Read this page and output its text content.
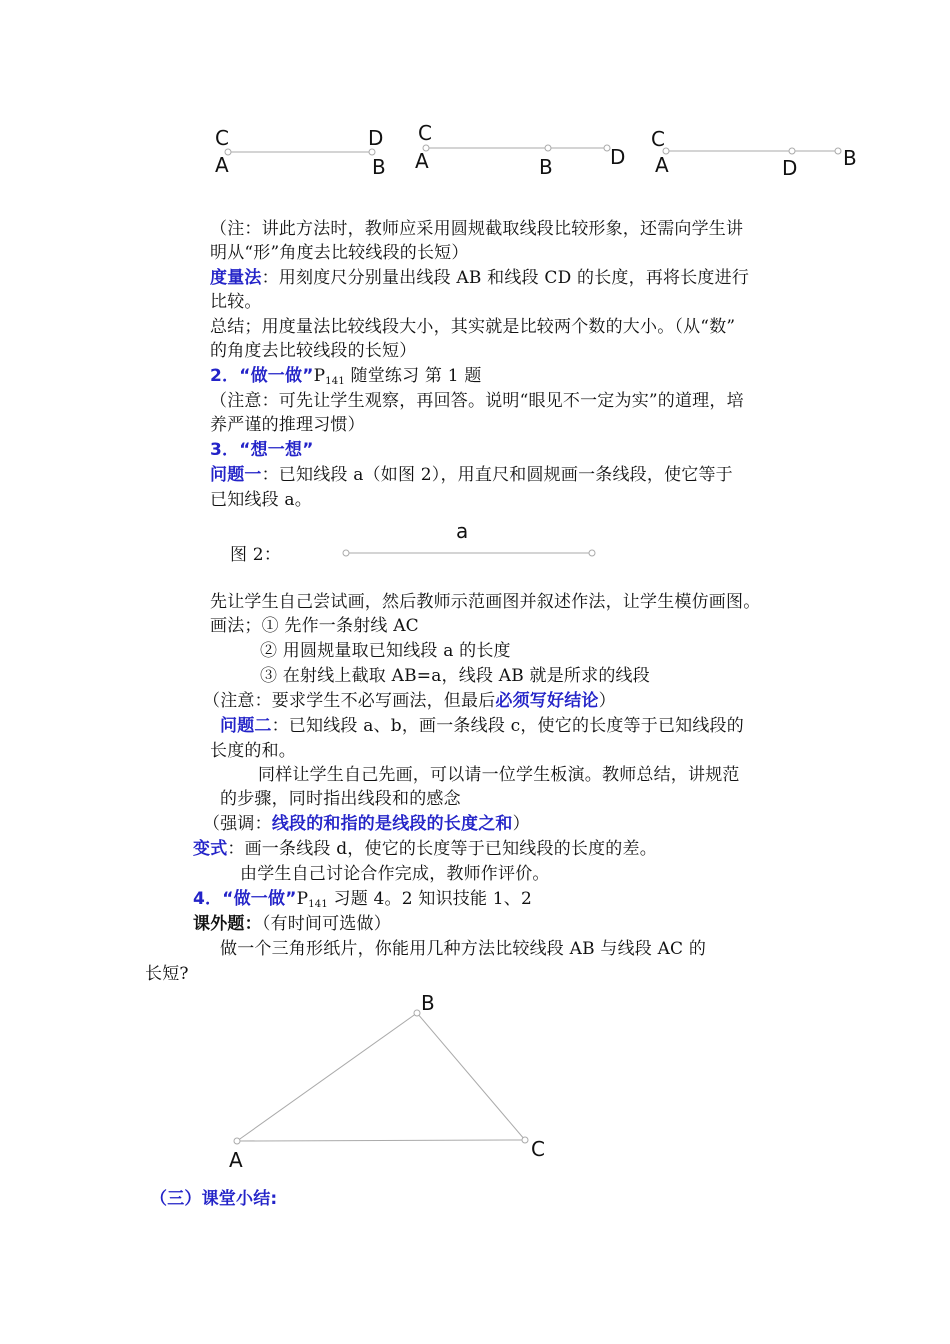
C	D
A	B
C
A	B	D
C
A	D B
（注：讲此方法时，教师应采用圆规截取线段比较形象，还需向学生讲
明从“形”角度去比较线段的长短）
度量法：用刻度尺分别量出线段 AB 和线段 CD 的长度，再将长度进行
比较。
总结；用度量法比较线段大小，其实就是比较两个数的大小。（从“数”
的角度去比较线段的长短）
2．“做一做$”P_{141}$ 随堂练习 第 1 题
（注意：可先让学生观察，再回答。说明“眼见不一定为实”的道理，培
养严谨的推理习惯）
3．“想一想”
问题一：已知线段 a（如图 2），用直尺和圆规画一条线段，使它等于
已知线段 a。
图 2：
a
先让学生自己尝试画，然后教师示范画图并叙述作法，让学生模仿画图。
画法；① 先作一条射线 AC
② 用圆规量取已知线段 a 的长度
③ 在射线上截取 AB=a，线段 AB 就是所求的线段
（注意：要求学生不必写画法，但最后必须写好结论）
问题二：已知线段 a、b，画一条线段 c，使它的长度等于已知线段的
长度的和。
同样让学生自己先画，可以请一位学生板演。教师总结，讲规范
的步骤，同时指出线段和的感念
（强调：线段的和指的是线段的长度之和）
变式：画一条线段 d，使它的长度等于已知线段的长度的差。
由学生自己讨论合作完成，教师作评价。
4．“做一做$”P_{141}$ 习题 4。2 知识技能 1、2
课外题：（有时间可选做）
做一个三角形纸片，你能用几种方法比较线段 AB 与线段 AC 的
长短?
B
A	C
（三）课堂小结:
